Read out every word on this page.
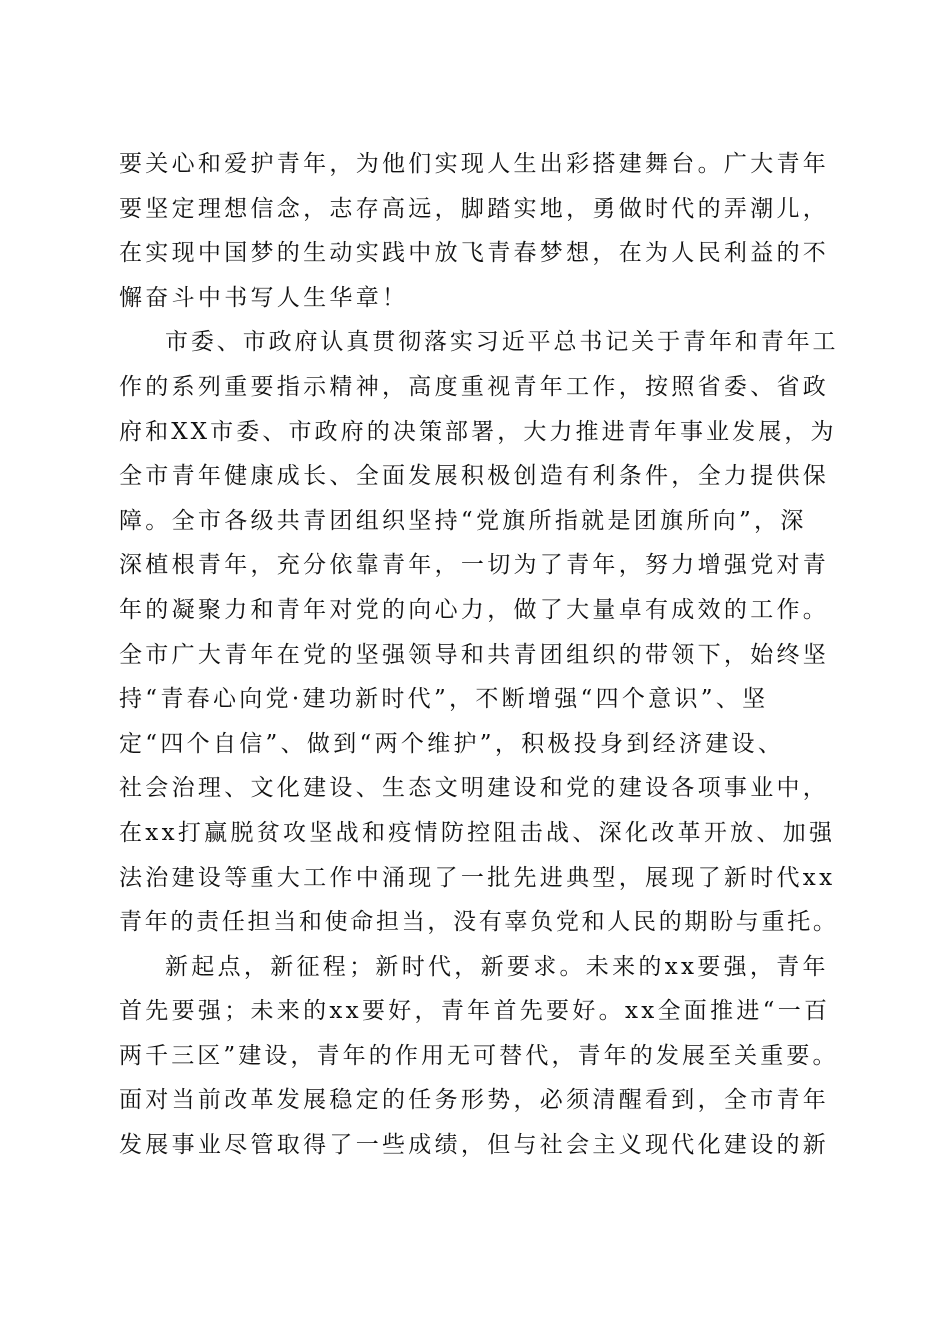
要关心和爱护青年，为他们实现人生出彩搭建舞台。广大青年
要坚定理想信念，志存高远，脚踏实地，勇做时代的弄潮儿，
在实现中国梦的生动实践中放飞青春梦想，在为人民利益的不
懈奋斗中书写人生华章！
市委、市政府认真贯彻落实习近平总书记关于青年和青年工
作的系列重要指示精神，高度重视青年工作，按照省委、省政
府和XX市委、市政府的决策部署，大力推进青年事业发展，为
全市青年健康成长、全面发展积极创造有利条件，全力提供保
障。全市各级共青团组织坚持“党旗所指就是团旗所向”，深
深植根青年，充分依靠青年，一切为了青年，努力增强党对青
年的凝聚力和青年对党的向心力，做了大量卓有成效的工作。
全市广大青年在党的坚强领导和共青团组织的带领下，始终坚
持“青春心向党·建功新时代”，不断增强“四个意识”、坚
定“四个自信”、做到“两个维护”，积极投身到经济建设、
社会治理、文化建设、生态文明建设和党的建设各项事业中，
在xx打赢脱贫攻坚战和疫情防控阻击战、深化改革开放、加强
法治建设等重大工作中涌现了一批先进典型，展现了新时代xx
青年的责任担当和使命担当，没有辜负党和人民的期盼与重托。
新起点，新征程；新时代，新要求。未来的xx要强，青年
首先要强；未来的xx要好，青年首先要好。xx全面推进“一百
两千三区”建设，青年的作用无可替代，青年的发展至关重要。
面对当前改革发展稳定的任务形势，必须清醒看到，全市青年
发展事业尽管取得了一些成绩，但与社会主义现代化建设的新
